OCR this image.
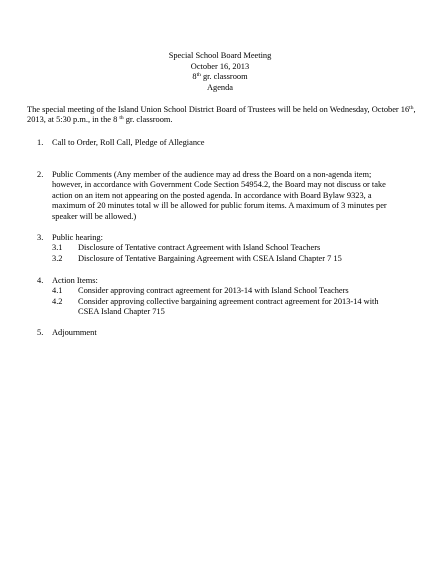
Special School Board Meeting
October 16, 2013
8th gr. classroom
Agenda
The special meeting of the Island Union School District Board of Trustees will be held on Wednesday, October 16th, 2013, at 5:30 p.m., in the 8 $^{th}$ gr. classroom.
1.	Call to Order, Roll Call, Pledge of Allegiance
2.	Public Comments (Any member of the audience may ad dress the Board on a non-agenda item; however, in accordance with Government Code Section 54954.2, the Board may not discuss or take action on an item not appearing on the posted agenda. In accordance with Board Bylaw 9323, a maximum of 20 minutes total w ill be allowed for public forum items. A maximum of 3 minutes per speaker will be allowed.)
3.	Public hearing:
3.1	Disclosure of Tentative contract Agreement with Island School Teachers
3.2	Disclosure of Tentative Bargaining Agreement with CSEA Island Chapter 7 15
4.	Action Items:
4.1	Consider approving contract agreement for 2013-14 with Island School Teachers
4.2	Consider approving collective bargaining agreement contract agreement for 2013-14 with CSEA Island Chapter 715
5.	Adjournment
